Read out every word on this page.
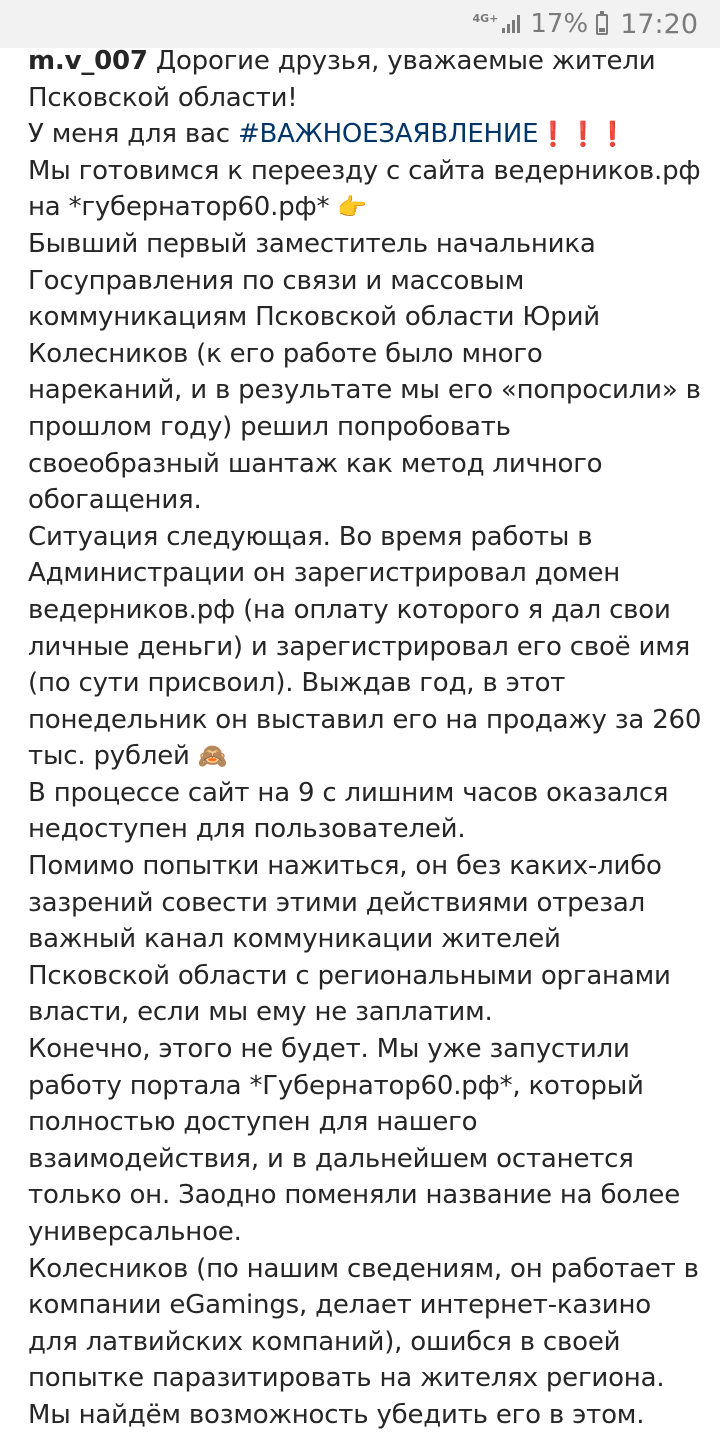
4G+ 17% 17:20
m.v_007 Дорогие друзья, уважаемые жители Псковской области!
У меня для вас #ВАЖНОЕЗАЯВЛЕНИЕ❗❗❗
Мы готовимся к переезду с сайта ведерников.рф на *губернатор60.рф* 👉
Бывший первый заместитель начальника Госуправления по связи и массовым коммуникациям Псковской области Юрий Колесников (к его работе было много нареканий, и в результате мы его «попросили» в прошлом году) решил попробовать своеобразный шантаж как метод личного обогащения.
Ситуация следующая. Во время работы в Администрации он зарегистрировал домен ведерников.рф (на оплату которого я дал свои личные деньги) и зарегистрировал его своё имя (по сути присвоил). Выждав год, в этот понедельник он выставил его на продажу за 260 тыс. рублей 🙈
В процессе сайт на 9 с лишним часов оказался недоступен для пользователей.
Помимо попытки нажиться, он без каких-либо зазрений совести этими действиями отрезал важный канал коммуникации жителей Псковской области с региональными органами власти, если мы ему не заплатим.
Конечно, этого не будет. Мы уже запустили работу портала *Губернатор60.рф*, который полностью доступен для нашего взаимодействия, и в дальнейшем останется только он. Заодно поменяли название на более универсальное.
Колесников (по нашим сведениям, он работает в компании eGamings, делает интернет-казино  для латвийских компаний), ошибся в своей попытке паразитировать на жителях региона. Мы найдём возможность убедить его в этом.
